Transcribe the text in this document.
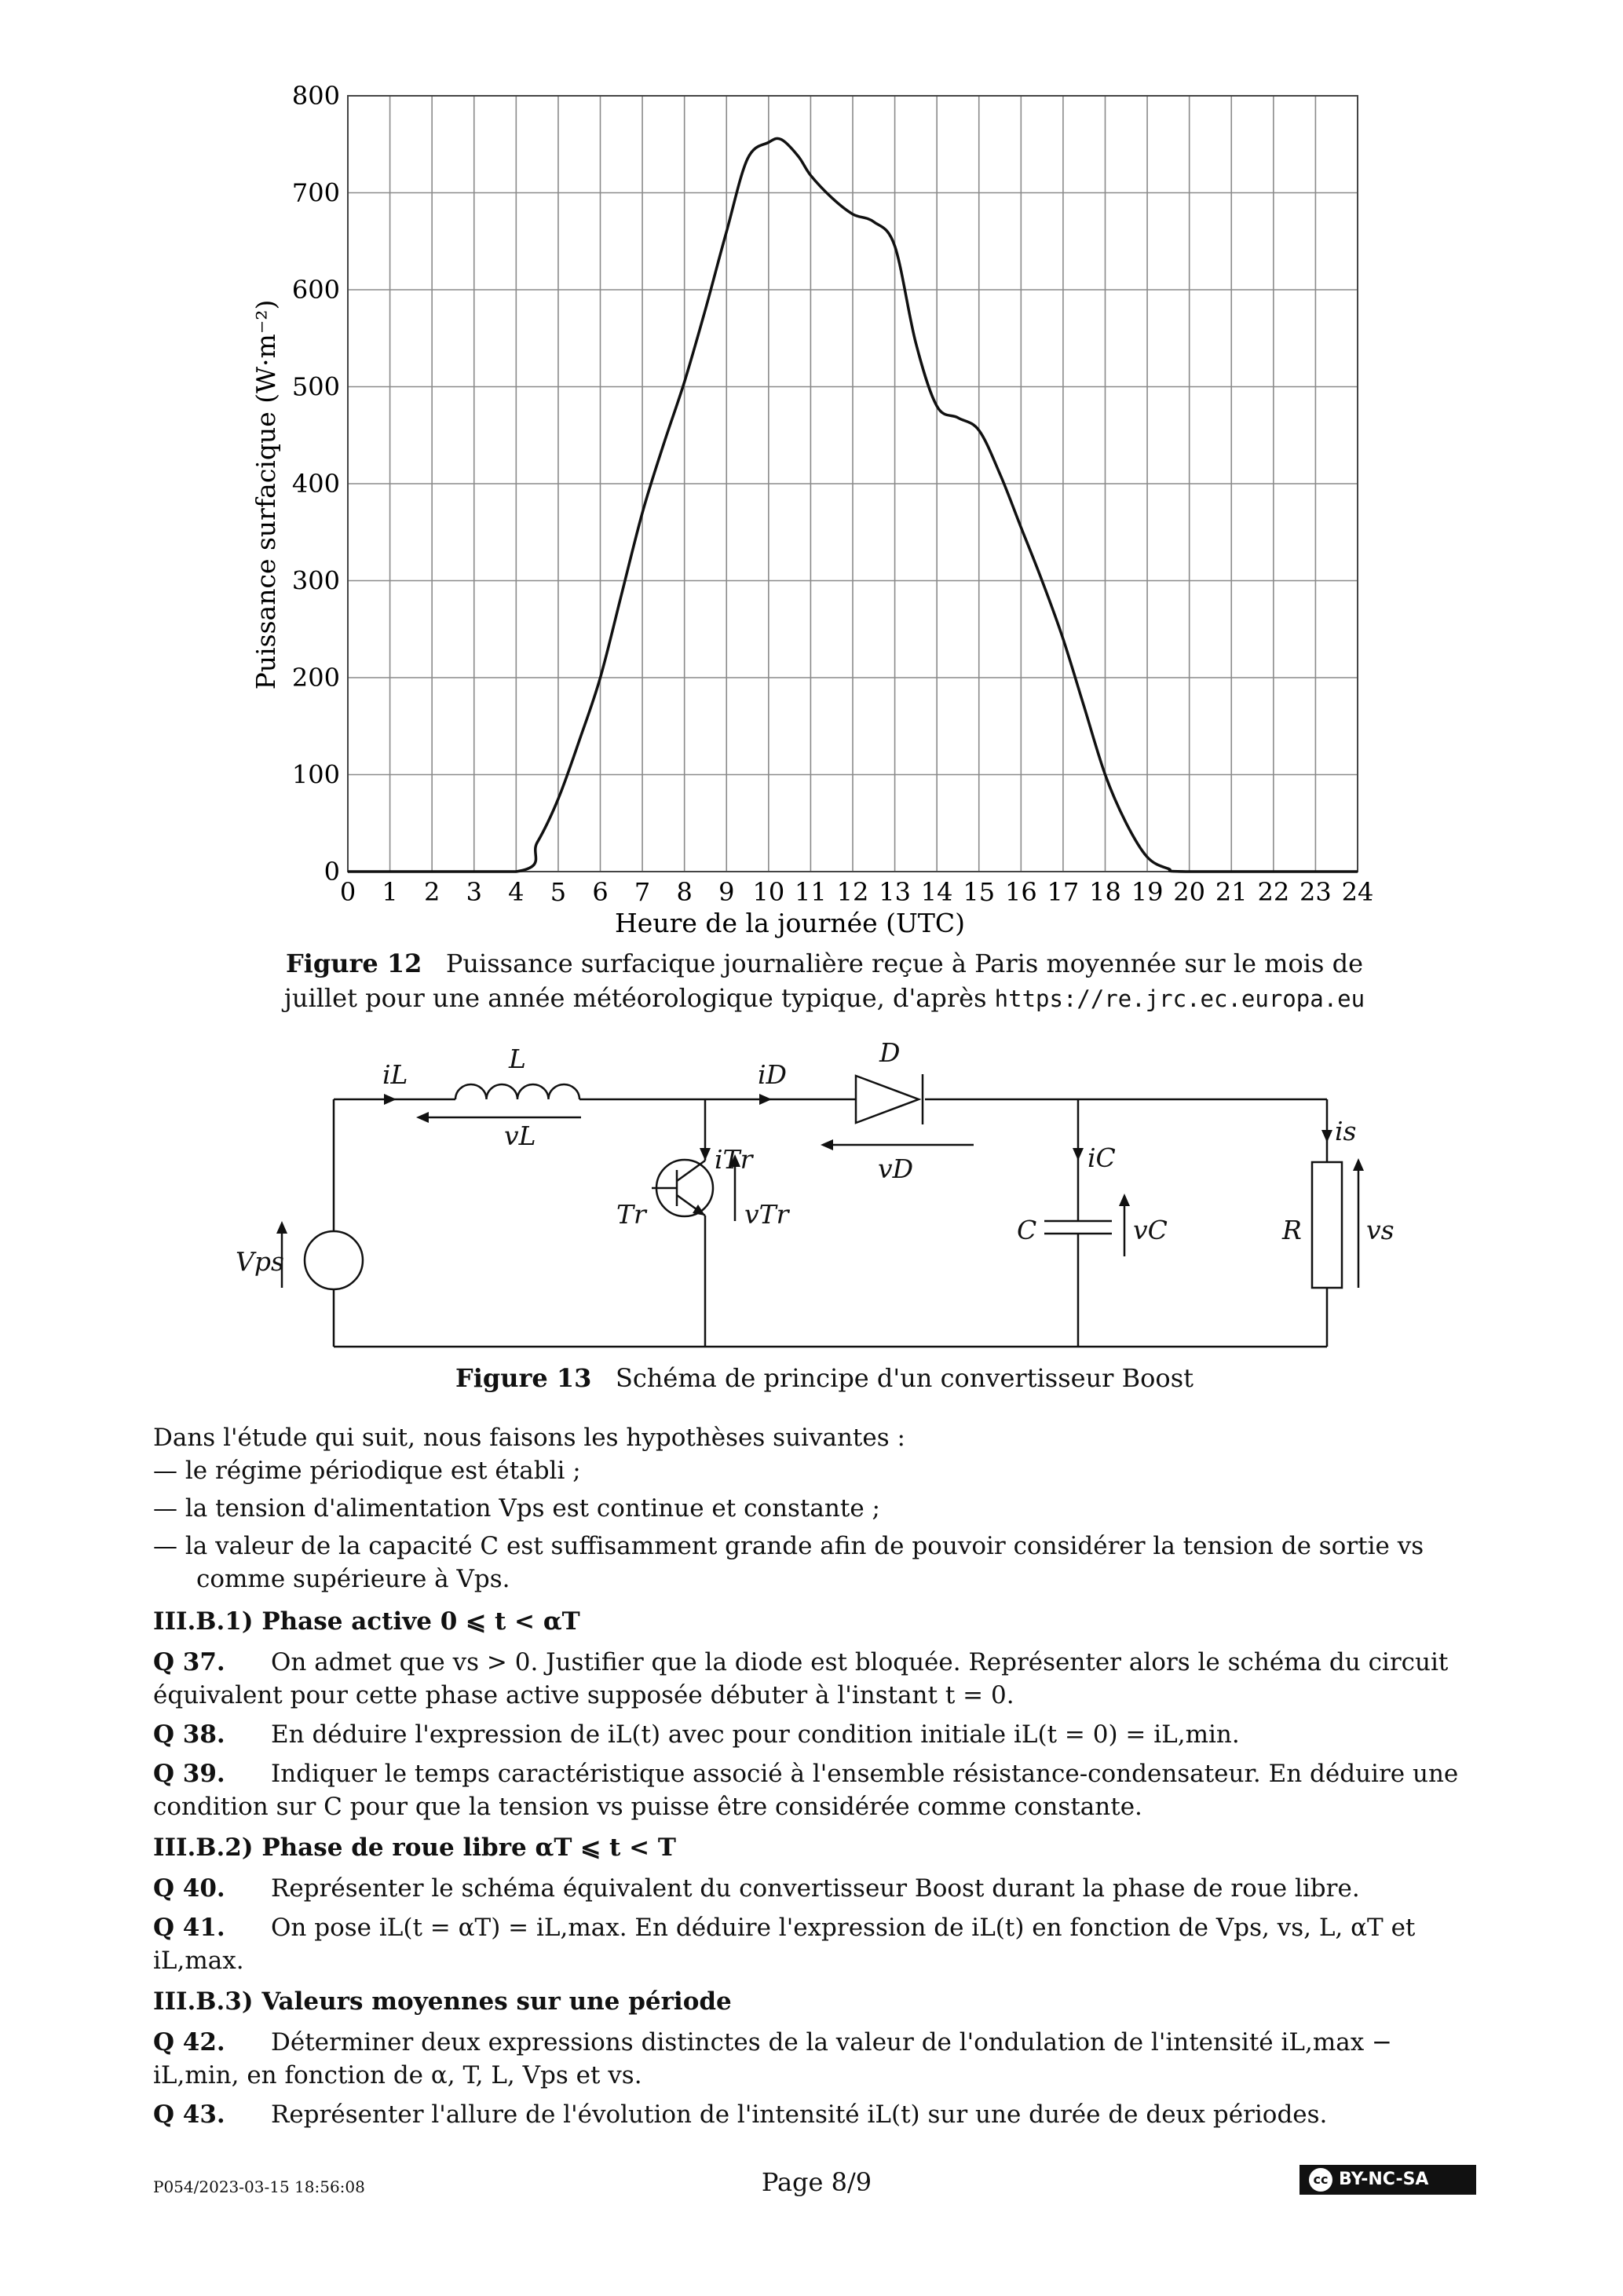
0 1 2 3 4 5 6 7 8 9 10 11 12 13 14 15 16 17 18 19 20 21 22 23 24
0
100
200
300
400
500
600
700
800
Heure de la journée (UTC)
Puissance surfacique (W·m⁻²)
Figure 12 Puissance surfacique journalière reçue à Paris moyennée sur le mois de
juillet pour une année météorologique typique, d'après https://re.jrc.ec.europa.eu
iL
L
vL
iD
D
vD
iTr
Tr	vTr
Vps
iC
C	vC
is
R vs
Figure 13 Schéma de principe d'un convertisseur Boost

Dans l'étude qui suit, nous faisons les hypothèses suivantes :

— le régime périodique est établi ;

— la tension d'alimentation Vps est continue et constante ;

— la valeur de la capacité C est suffisamment grande afin de pouvoir considérer la tension de sortie vs comme supérieure à Vps.

III.B.1) Phase active 0 ⩽ t < αT

Q 37. On admet que vs > 0. Justifier que la diode est bloquée. Représenter alors le schéma du circuit équivalent pour cette phase active supposée débuter à l'instant t = 0.

Q 38. En déduire l'expression de iL(t) avec pour condition initiale iL(t = 0) = iL,min.

Q 39. Indiquer le temps caractéristique associé à l'ensemble résistance-condensateur. En déduire une condition sur C pour que la tension vs puisse être considérée comme constante.

III.B.2) Phase de roue libre αT ⩽ t < T

Q 40. Représenter le schéma équivalent du convertisseur Boost durant la phase de roue libre.

Q 41. On pose iL(t = αT) = iL,max. En déduire l'expression de iL(t) en fonction de Vps, vs, L, αT et iL,max.

III.B.3) Valeurs moyennes sur une période

Q 42. Déterminer deux expressions distinctes de la valeur de l'ondulation de l'intensité iL,max − iL,min, en fonction de α, T, L, Vps et vs.

Q 43. Représenter l'allure de l'évolution de l'intensité iL(t) sur une durée de deux périodes.

P054/2023-03-15 18:56:08	Page 8/9	cc BY-NC-SA
